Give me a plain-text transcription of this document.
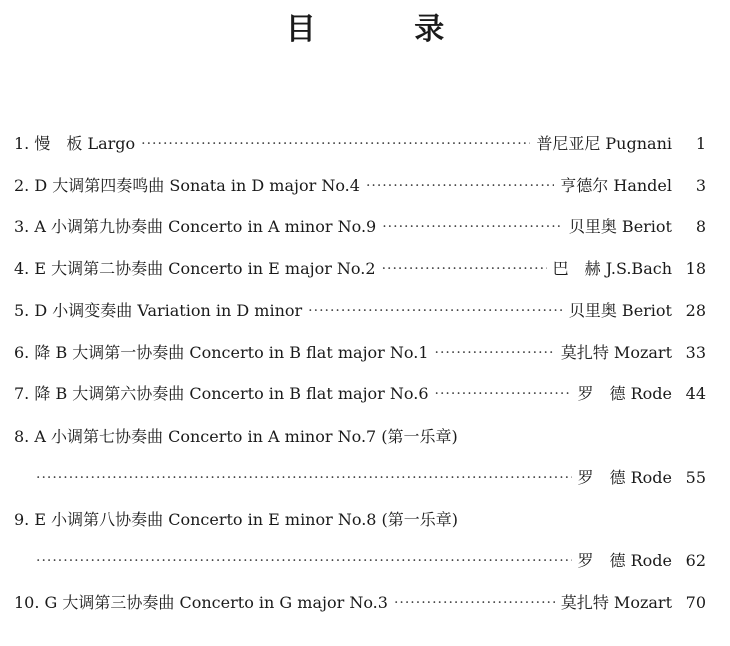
目 录
1. 慢　板 Largo ·····	普尼亚尼 Pugnani	1
2. D 大调第四奏鸣曲 Sonata in D major No.4 ·····	亨德尔 Handel	3
3. A 小调第九协奏曲 Concerto in A minor No.9 ·····	贝里奥 Beriot	8
4. E 大调第二协奏曲 Concerto in E major No.2 ·····	巴　赫 J.S.Bach 18
5. D 小调变奏曲 Variation in D minor ·····	贝里奥 Beriot 28
6. 降 B 大调第一协奏曲 Concerto in B flat major No.1 ·····	莫扎特 Mozart 33
7. 降 B 大调第六协奏曲 Concerto in B flat major No.6 ·····	罗　德 Rode 44
8. A 小调第七协奏曲 Concerto in A minor No.7 (第一乐章)
·····
罗　德 Rode 55
9. E 小调第八协奏曲 Concerto in E minor No.8 (第一乐章)
·····
罗　德 Rode 62
10. G 大调第三协奏曲 Concerto in G major No.3 ·····	莫扎特 Mozart 70
